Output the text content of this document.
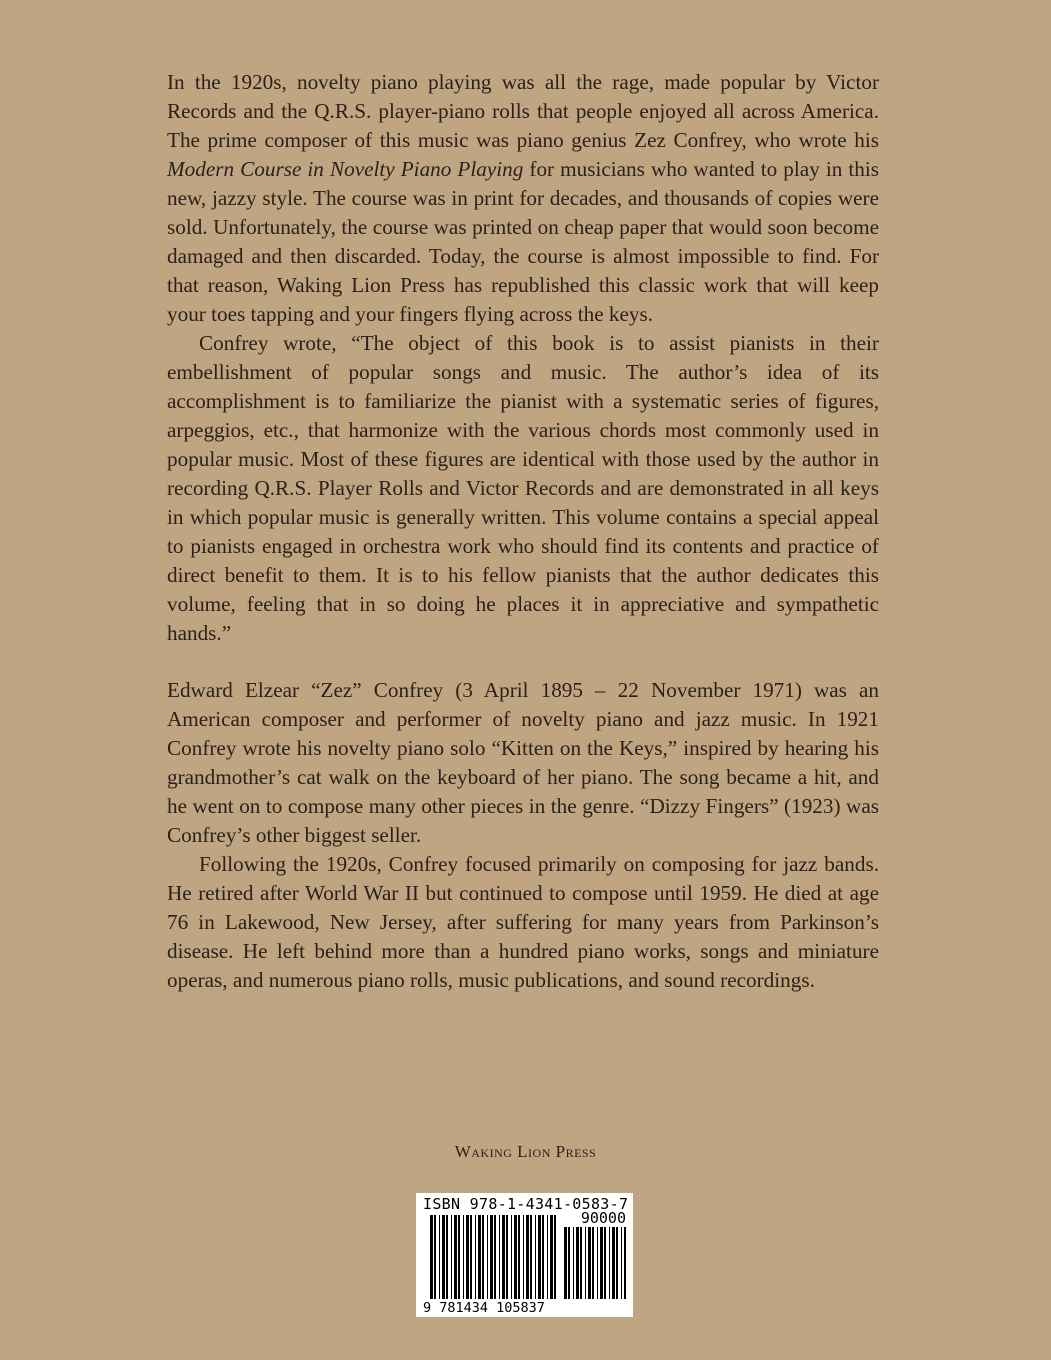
In the 1920s, novelty piano playing was all the rage, made popular by Victor Records and the Q.R.S. player-piano rolls that people enjoyed all across America. The prime composer of this music was piano genius Zez Confrey, who wrote his Modern Course in Novelty Piano Playing for musicians who wanted to play in this new, jazzy style. The course was in print for decades, and thousands of copies were sold. Unfortunately, the course was printed on cheap paper that would soon become damaged and then discarded. Today, the course is almost impossible to find. For that reason, Waking Lion Press has republished this classic work that will keep your toes tapping and your fingers flying across the keys.

Confrey wrote, “The object of this book is to assist pianists in their embellishment of popular songs and music. The author’s idea of its accomplishment is to familiarize the pianist with a systematic series of figures, arpeggios, etc., that harmonize with the various chords most commonly used in popular music. Most of these figures are identical with those used by the author in recording Q.R.S. Player Rolls and Victor Records and are demonstrated in all keys in which popular music is generally written. This volume contains a special appeal to pianists engaged in orchestra work who should find its contents and practice of direct benefit to them. It is to his fellow pianists that the author dedicates this volume, feeling that in so doing he places it in appreciative and sympathetic hands.”

Edward Elzear “Zez” Confrey (3 April 1895 – 22 November 1971) was an American composer and performer of novelty piano and jazz music. In 1921 Confrey wrote his novelty piano solo “Kitten on the Keys,” inspired by hearing his grandmother’s cat walk on the keyboard of her piano. The song became a hit, and he went on to compose many other pieces in the genre. “Dizzy Fingers” (1923) was Confrey’s other biggest seller.

Following the 1920s, Confrey focused primarily on composing for jazz bands. He retired after World War II but continued to compose until 1959. He died at age 76 in Lakewood, New Jersey, after suffering for many years from Parkinson’s disease. He left behind more than a hundred piano works, songs and miniature operas, and numerous piano rolls, music publications, and sound recordings.

Waking Lion Press
ISBN 978-1-4341-0583-7
90000
9 781434 105837
